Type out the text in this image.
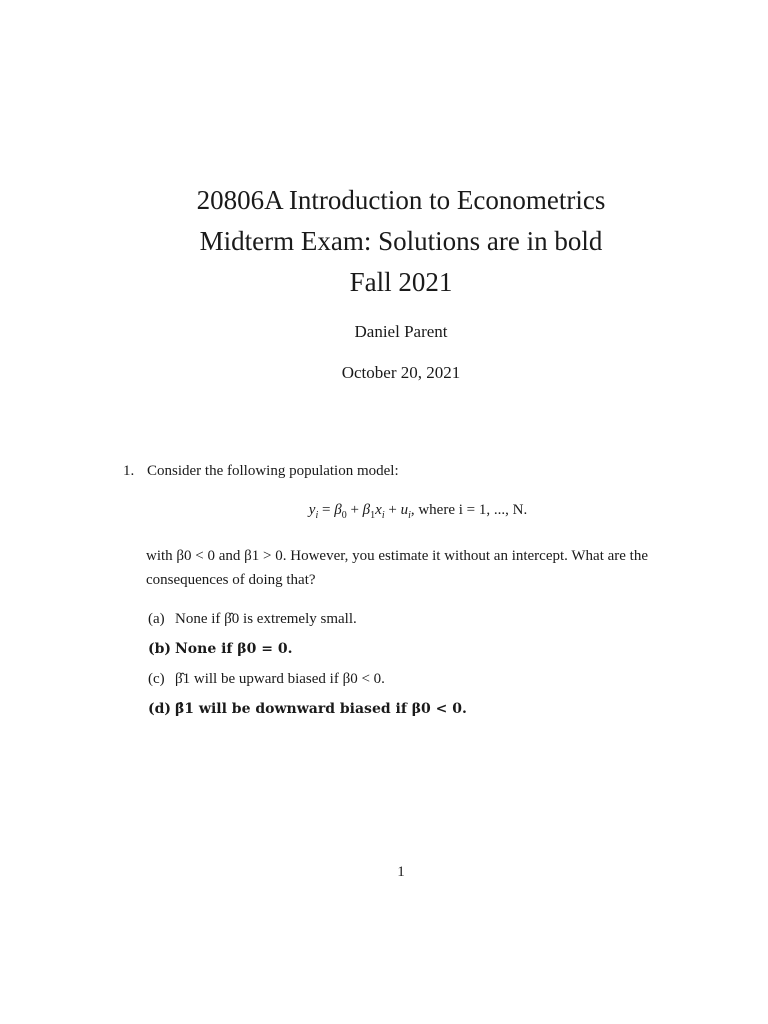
20806A Introduction to Econometrics

Midterm Exam: Solutions are in bold

Fall 2021

Daniel Parent
October 20, 2021
1. Consider the following population model:
$y_i = \beta_0 + \beta_1x_i + u_i$, where i = 1, ..., N.
with β0 < 0 and β1 > 0. However, you estimate it without an intercept. What are the consequences of doing that?
(a) None if β̂0 is extremely small.
(b) None if β0 = 0.
(c) β̂1 will be upward biased if β0 < 0.
(d) β̂1 will be downward biased if β0 < 0.
1
